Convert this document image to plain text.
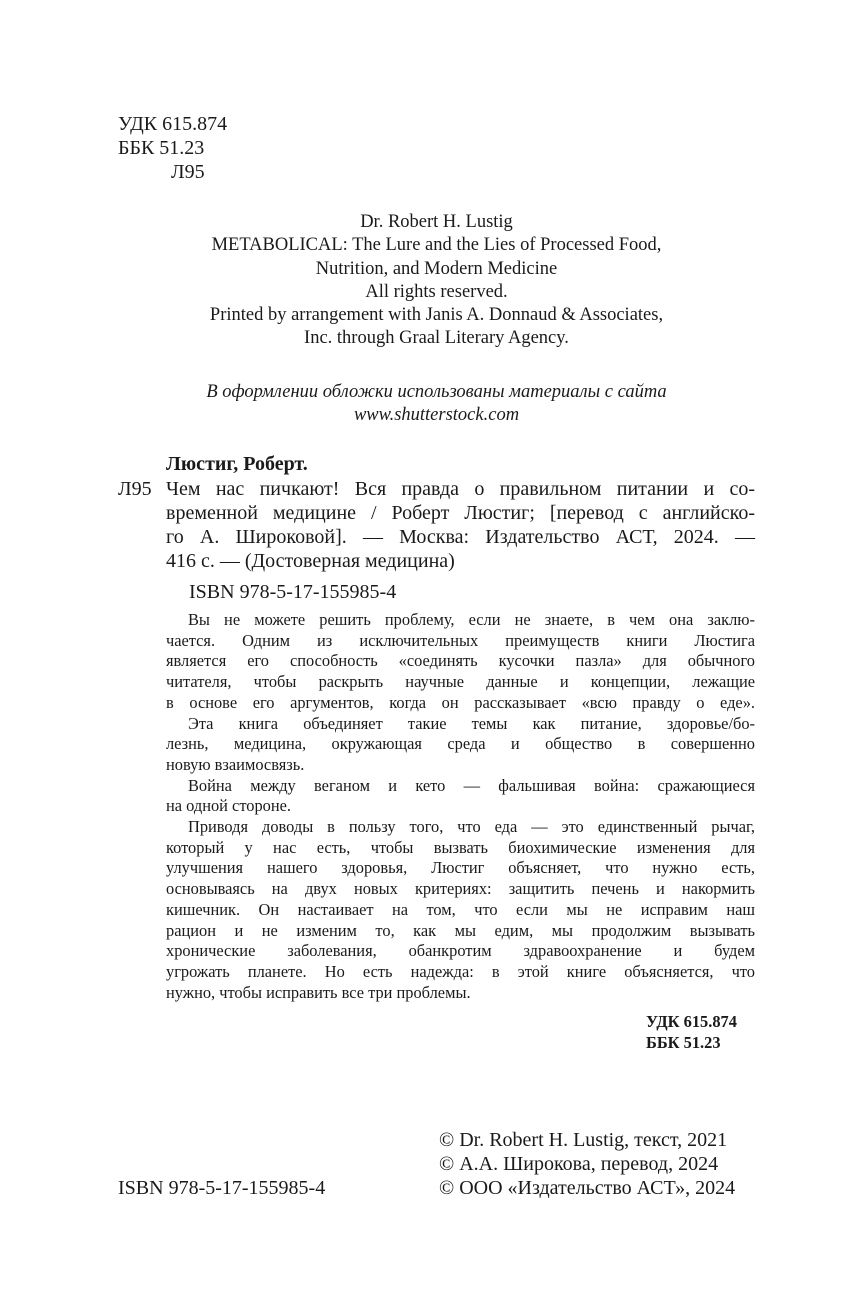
УДК 615.874
ББК 51.23
Л95
Dr. Robert H. Lustig
METABOLICAL: The Lure and the Lies of Processed Food,
Nutrition, and Modern Medicine
All rights reserved.
Printed by arrangement with Janis A. Donnaud & Associates,
Inc. through Graal Literary Agency.
В оформлении обложки использованы материалы с сайта
www.shutterstock.com
Люстиг, Роберт.
Л95 Чем нас пичкают! Вся правда о правильном питании и со-
временной медицине / Роберт Люстиг; [перевод с английско-
го А. Широковой]. — Москва: Издательство АСТ, 2024. —
416 с. — (Достоверная медицина)
ISBN 978-5-17-155985-4
Вы не можете решить проблему, если не знаете, в чем она заклю-
чается. Одним из исключительных преимуществ книги Люстига
является его способность «соединять кусочки пазла» для обычного
читателя, чтобы раскрыть научные данные и концепции, лежащие
в основе его аргументов, когда он рассказывает «всю правду о еде».
Эта книга объединяет такие темы как питание, здоровье/бо-
лезнь, медицина, окружающая среда и общество в совершенно
новую взаимосвязь.
Война между веганом и кето — фальшивая война: сражающиеся
на одной стороне.
Приводя доводы в пользу того, что еда — это единственный рычаг,
который у нас есть, чтобы вызвать биохимические изменения для
улучшения нашего здоровья, Люстиг объясняет, что нужно есть,
основываясь на двух новых критериях: защитить печень и накормить
кишечник. Он настаивает на том, что если мы не исправим наш
рацион и не изменим то, как мы едим, мы продолжим вызывать
хронические заболевания, обанкротим здравоохранение и будем
угрожать планете. Но есть надежда: в этой книге объясняется, что
нужно, чтобы исправить все три проблемы.
УДК 615.874
ББК 51.23
ISBN 978-5-17-155985-4
© Dr. Robert H. Lustig, текст, 2021
© А.А. Широкова, перевод, 2024
© ООО «Издательство АСТ», 2024
